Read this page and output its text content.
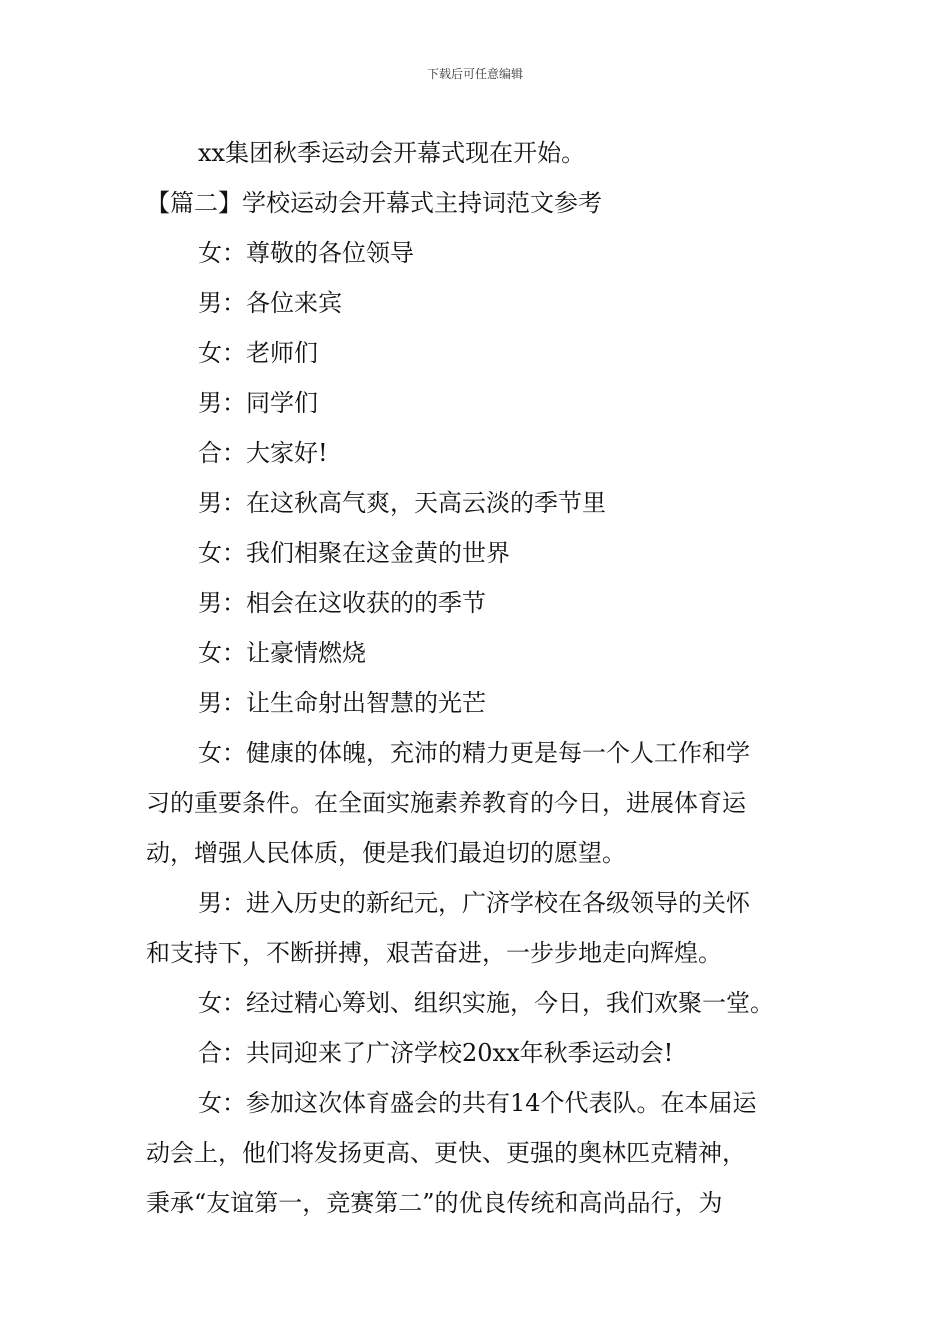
下载后可任意编辑
xx集团秋季运动会开幕式现在开始。
【篇二】学校运动会开幕式主持词范文参考
女：尊敬的各位领导
男：各位来宾
女：老师们
男：同学们
合：大家好!
男：在这秋高气爽，天高云淡的季节里
女：我们相聚在这金黄的世界
男：相会在这收获的的季节
女：让豪情燃烧
男：让生命射出智慧的光芒
女：健康的体魄，充沛的精力更是每一个人工作和学
习的重要条件。在全面实施素养教育的今日，进展体育运
动，增强人民体质，便是我们最迫切的愿望。
男：进入历史的新纪元，广济学校在各级领导的关怀
和支持下，不断拼搏，艰苦奋进，一步步地走向辉煌。
女：经过精心筹划、组织实施，今日，我们欢聚一堂。
合：共同迎来了广济学校20xx年秋季运动会!
女：参加这次体育盛会的共有14个代表队。在本届运
动会上，他们将发扬更高、更快、更强的奥林匹克精神，
秉承“友谊第一，竞赛第二”的优良传统和高尚品行，为
